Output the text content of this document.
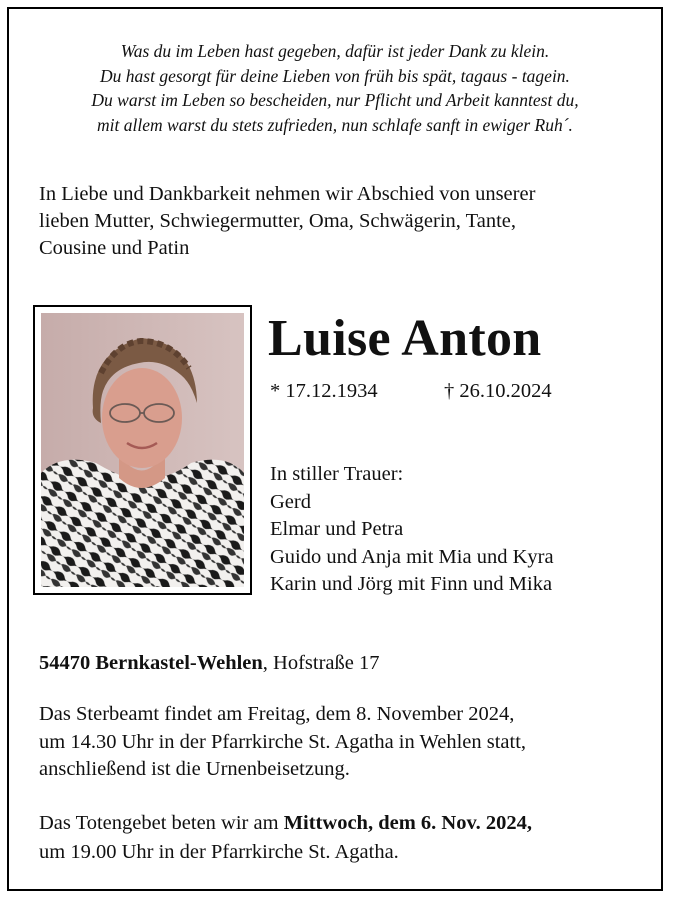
Was du im Leben hast gegeben, dafür ist jeder Dank zu klein.
Du hast gesorgt für deine Lieben von früh bis spät, tagaus - tagein.
Du warst im Leben so bescheiden, nur Pflicht und Arbeit kanntest du,
mit allem warst du stets zufrieden, nun schlafe sanft in ewiger Ruh´.
In Liebe und Dankbarkeit nehmen wir Abschied von unserer
lieben Mutter, Schwiegermutter, Oma, Schwägerin, Tante,
Cousine und Patin
Luise Anton
* 17.12.1934	† 26.10.2024
In stiller Trauer:
Gerd
Elmar und Petra
Guido und Anja mit Mia und Kyra
Karin und Jörg mit Finn und Mika
54470 Bernkastel-Wehlen, Hofstraße 17
Das Sterbeamt findet am Freitag, dem 8. November 2024,
um 14.30 Uhr in der Pfarrkirche St. Agatha in Wehlen statt,
anschließend ist die Urnenbeisetzung.
Das Totengebet beten wir am Mittwoch, dem 6. Nov. 2024,
um 19.00 Uhr in der Pfarrkirche St. Agatha.
